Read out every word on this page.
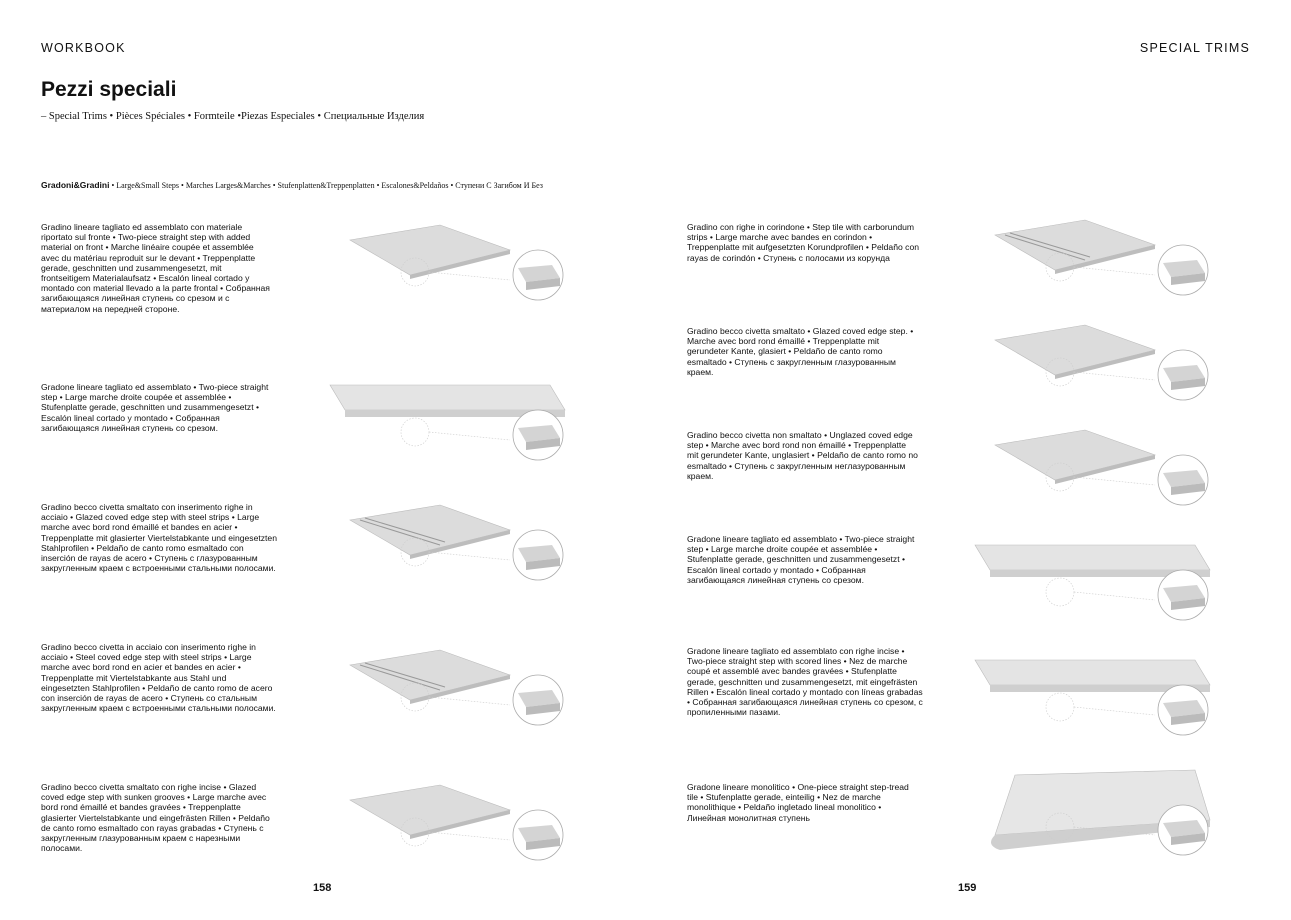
WORKBOOK	SPECIAL TRIMS
Pezzi speciali
– Special Trims • Pièces Spéciales • Formteile •Piezas Especiales • Специальные Изделия
Gradoni&Gradini • Large&Small Steps • Marches Larges&Marches • Stufenplatten&Treppenplatten • Escalones&Peldaños • Ступени С Загибом И Без
Gradino lineare tagliato ed assemblato con materiale riportato sul fronte • Two-piece straight step with added material on front • Marche linéaire coupée et assemblée avec du matériau reproduit sur le devant • Treppenplatte gerade, geschnitten und zusammengesetzt, mit frontseitigem Materialaufsatz • Escalón lineal cortado y montado con material llevado a la parte frontal • Собранная загибающаяся линейная ступень со срезом и с материалом на передней стороне.
Gradone lineare tagliato ed assemblato • Two-piece straight step • Large marche droite coupée et assemblée • Stufenplatte gerade, geschnitten und zusammengesetzt • Escalón lineal cortado y montado • Собранная загибающаяся линейная ступень со срезом.
Gradino becco civetta smaltato con inserimento righe in acciaio • Glazed coved edge step with steel strips • Large marche avec bord rond émaillé et bandes en acier • Treppenplatte mit glasierter Viertelstabkante und eingesetzten Stahlprofilen • Peldaño de canto romo esmaltado con inserción de rayas de acero • Ступень с глазурованным закругленным краем с встроенными стальными полосами.
Gradino becco civetta in acciaio con inserimento righe in acciaio • Steel coved edge step with steel strips • Large marche avec bord rond en acier et bandes en acier • Treppenplatte mit Viertelstabkante aus Stahl und eingesetzten Stahlprofilen • Peldaño de canto romo de acero con inserción de rayas de acero • Ступень со стальным закругленным краем с встроенными стальными полосами.
Gradino becco civetta smaltato con righe incise • Glazed coved edge step with sunken grooves • Large marche avec bord rond émaillé et bandes gravées • Treppenplatte glasierter Viertelstabkante und eingefrästen Rillen • Peldaño de canto romo esmaltado con rayas grabadas • Ступень с закругленным глазурованным краем с нарезными полосами.
158
Gradino con righe in corindone • Step tile with carborundum strips • Large marche avec bandes en corindon • Treppenplatte mit aufgesetzten Korundprofilen • Peldaño con rayas de corindón • Ступень с полосами из корунда
Gradino becco civetta smaltato • Glazed coved edge step. • Marche avec bord rond émaillé • Treppenplatte mit gerundeter Kante, glasiert • Peldaño de canto romo esmaltado • Ступень с закругленным глазурованным краем.
Gradino becco civetta non smaltato • Unglazed coved edge step • Marche avec bord rond non émaillé • Treppenplatte mit gerundeter Kante, unglasiert • Peldaño de canto romo no esmaltado • Ступень с закругленным неглазурованным краем.
Gradone lineare tagliato ed assemblato • Two-piece straight step • Large marche droite coupée et assemblée • Stufenplatte gerade, geschnitten und zusammengesetzt • Escalón lineal cortado y montado • Собранная загибающаяся линейная ступень со срезом.
Gradone lineare tagliato ed assemblato con righe incise • Two-piece straight step with scored lines • Nez de marche coupé et assemblé avec bandes gravées • Stufenplatte gerade, geschnitten und zusammengesetzt, mit eingefrästen Rillen • Escalón lineal cortado y montado con líneas grabadas • Собранная загибающаяся линейная ступень со срезом, с пропиленными пазами.
Gradone lineare monolitico • One-piece straight step-tread tile • Stufenplatte gerade, einteilig • Nez de marche monolithique • Peldaño ingletado lineal monolitico • Линейная монолитная ступень
159
